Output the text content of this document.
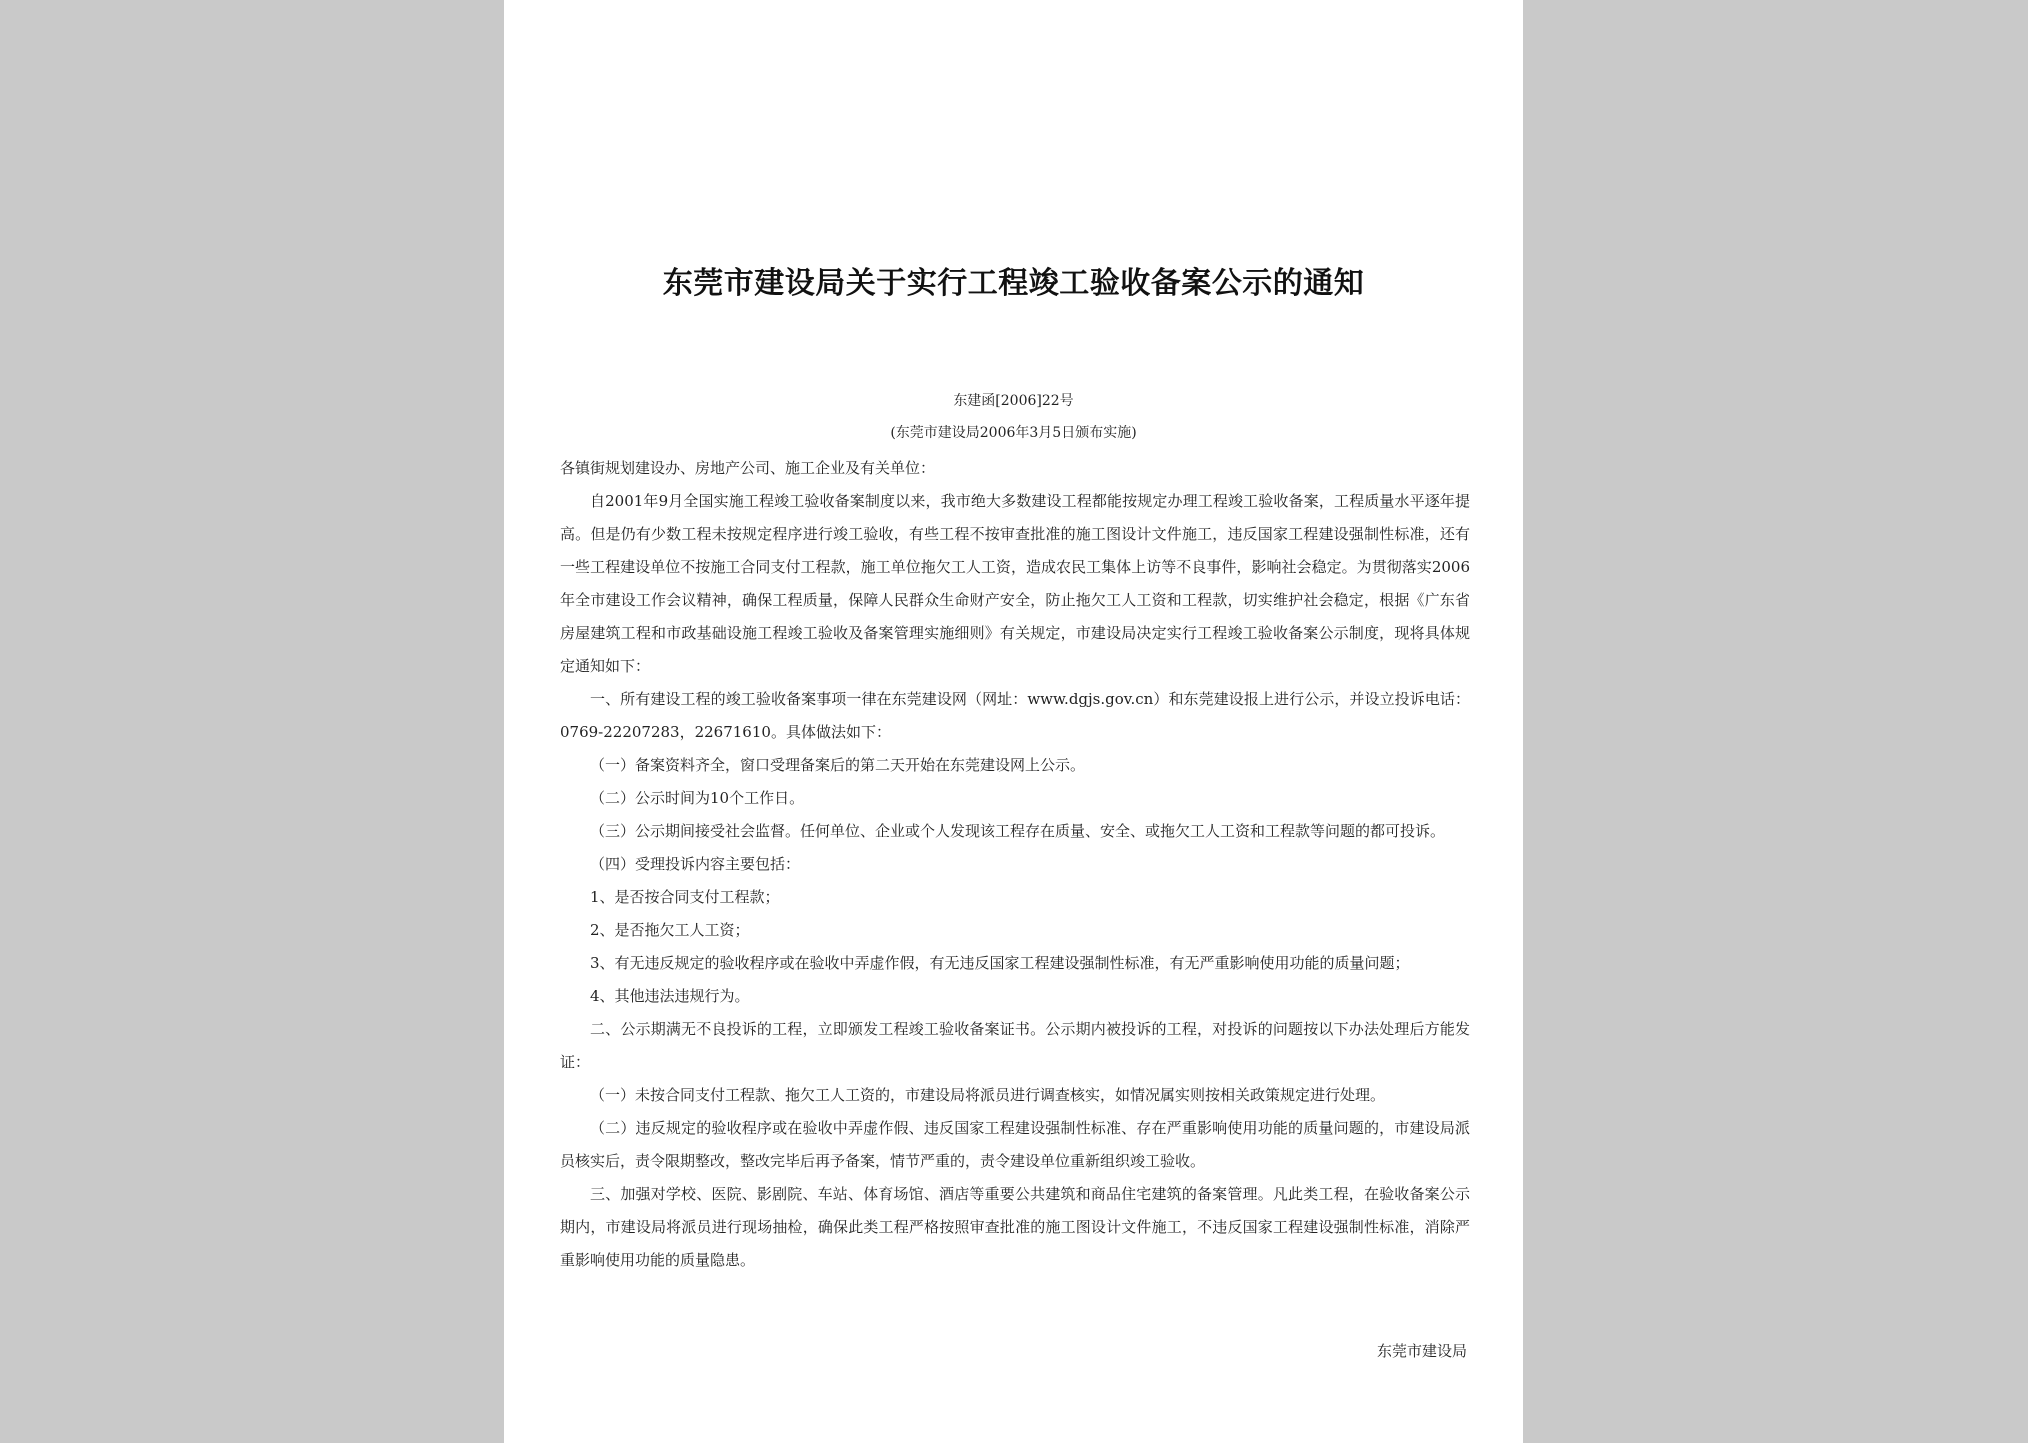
东莞市建设局关于实行工程竣工验收备案公示的通知
东建函[2006]22号
(东莞市建设局2006年3月5日颁布实施)

各镇街规划建设办、房地产公司、施工企业及有关单位：

自2001年9月全国实施工程竣工验收备案制度以来，我市绝大多数建设工程都能按规定办理工程竣工验收备案，工程质量水平逐年提高。但是仍有少数工程未按规定程序进行竣工验收，有些工程不按审查批准的施工图设计文件施工，违反国家工程建设强制性标准，还有一些工程建设单位不按施工合同支付工程款，施工单位拖欠工人工资，造成农民工集体上访等不良事件，影响社会稳定。为贯彻落实2006年全市建设工作会议精神，确保工程质量，保障人民群众生命财产安全，防止拖欠工人工资和工程款，切实维护社会稳定，根据《广东省房屋建筑工程和市政基础设施工程竣工验收及备案管理实施细则》有关规定，市建设局决定实行工程竣工验收备案公示制度，现将具体规定通知如下：

一、所有建设工程的竣工验收备案事项一律在东莞建设网（网址：www.dgjs.gov.cn）和东莞建设报上进行公示，并设立投诉电话：0769-22207283，22671610。具体做法如下：

（一）备案资料齐全，窗口受理备案后的第二天开始在东莞建设网上公示。

（二）公示时间为10个工作日。

（三）公示期间接受社会监督。任何单位、企业或个人发现该工程存在质量、安全、或拖欠工人工资和工程款等问题的都可投诉。

（四）受理投诉内容主要包括：

1、是否按合同支付工程款；

2、是否拖欠工人工资；

3、有无违反规定的验收程序或在验收中弄虚作假，有无违反国家工程建设强制性标准，有无严重影响使用功能的质量问题；

4、其他违法违规行为。

二、公示期满无不良投诉的工程，立即颁发工程竣工验收备案证书。公示期内被投诉的工程，对投诉的问题按以下办法处理后方能发证：

（一）未按合同支付工程款、拖欠工人工资的，市建设局将派员进行调查核实，如情况属实则按相关政策规定进行处理。

（二）违反规定的验收程序或在验收中弄虚作假、违反国家工程建设强制性标准、存在严重影响使用功能的质量问题的，市建设局派员核实后，责令限期整改，整改完毕后再予备案，情节严重的，责令建设单位重新组织竣工验收。

三、加强对学校、医院、影剧院、车站、体育场馆、酒店等重要公共建筑和商品住宅建筑的备案管理。凡此类工程，在验收备案公示期内，市建设局将派员进行现场抽检，确保此类工程严格按照审查批准的施工图设计文件施工，不违反国家工程建设强制性标准，消除严重影响使用功能的质量隐患。

东莞市建设局
